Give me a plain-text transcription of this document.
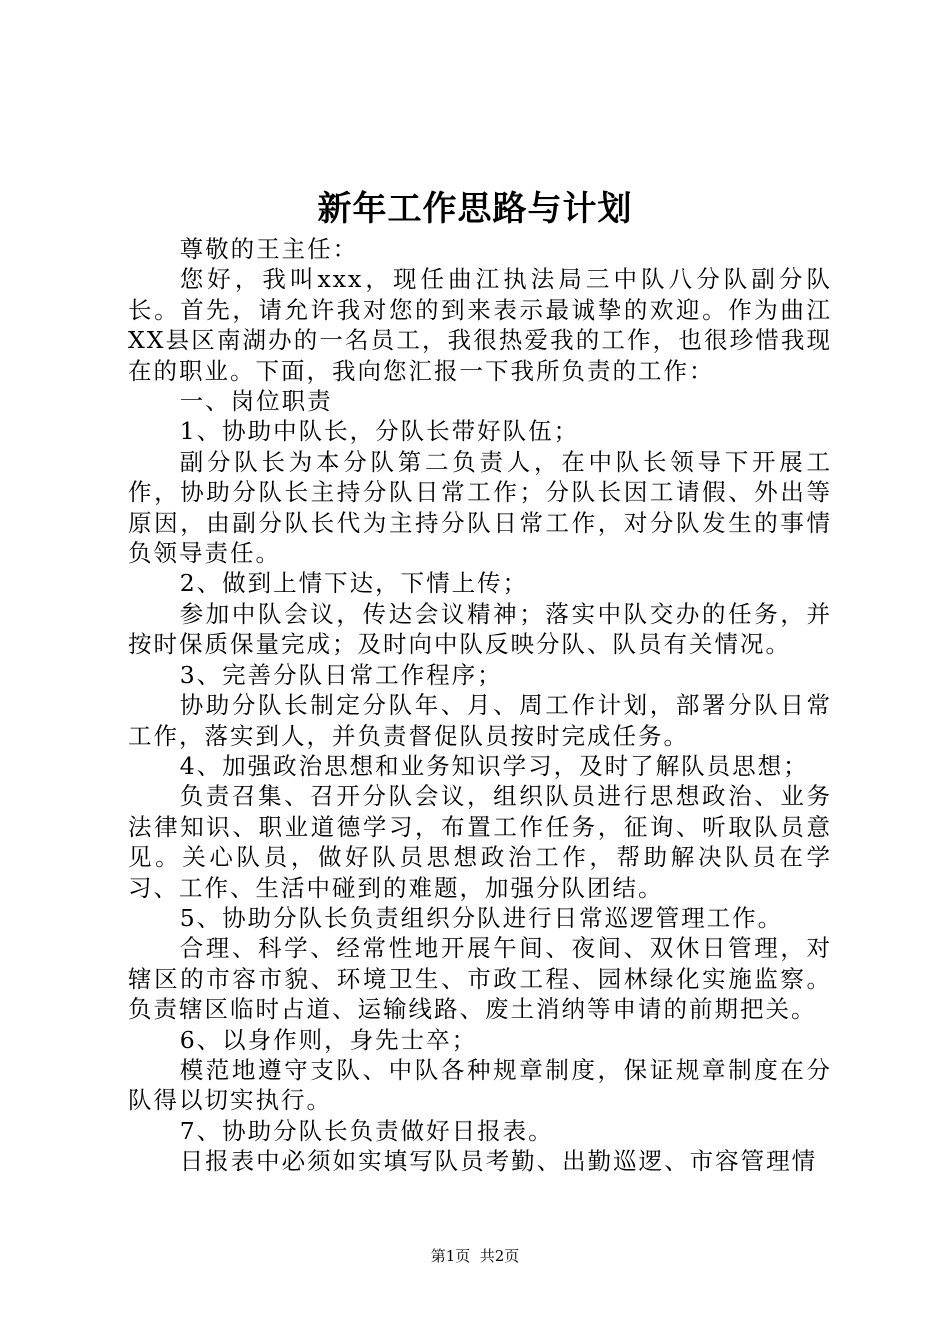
新年工作思路与计划

尊敬的王主任：

您好，我叫xxx，现任曲江执法局三中队八分队副分队长。首先，请允许我对您的到来表示最诚挚的欢迎。作为曲江XX县区南湖办的一名员工，我很热爱我的工作，也很珍惜我现在的职业。下面，我向您汇报一下我所负责的工作：

一、岗位职责

1、协助中队长，分队长带好队伍；

副分队长为本分队第二负责人，在中队长领导下开展工作，协助分队长主持分队日常工作；分队长因工请假、外出等原因，由副分队长代为主持分队日常工作，对分队发生的事情负领导责任。

2、做到上情下达，下情上传；

参加中队会议，传达会议精神；落实中队交办的任务，并按时保质保量完成；及时向中队反映分队、队员有关情况。

3、完善分队日常工作程序；

协助分队长制定分队年、月、周工作计划，部署分队日常工作，落实到人，并负责督促队员按时完成任务。

4、加强政治思想和业务知识学习，及时了解队员思想；

负责召集、召开分队会议，组织队员进行思想政治、业务法律知识、职业道德学习，布置工作任务，征询、听取队员意见。关心队员，做好队员思想政治工作，帮助解决队员在学习、工作、生活中碰到的难题，加强分队团结。

5、协助分队长负责组织分队进行日常巡逻管理工作。

合理、科学、经常性地开展午间、夜间、双休日管理，对辖区的市容市貌、环境卫生、市政工程、园林绿化实施监察。负责辖区临时占道、运输线路、废土消纳等申请的前期把关。

6、以身作则，身先士卒；

模范地遵守支队、中队各种规章制度，保证规章制度在分队得以切实执行。

7、协助分队长负责做好日报表。

日报表中必须如实填写队员考勤、出勤巡逻、市容管理情

第1页  共2页
